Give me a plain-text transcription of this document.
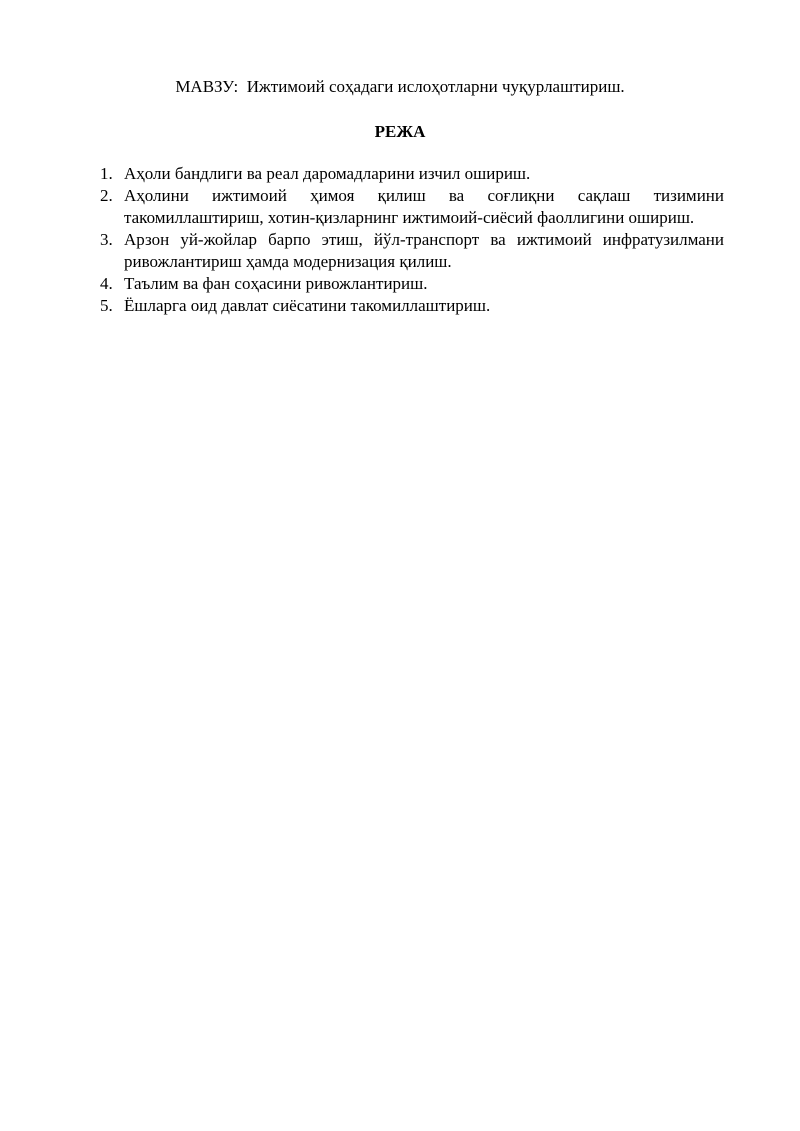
МАВЗУ:  Ижтимоий соҳадаги ислоҳотларни чуқурлаштириш.
РЕЖА
1. Аҳоли бандлиги ва реал даромадларини изчил ошириш.
2. Аҳолини ижтимоий ҳимоя қилиш ва соғлиқни сақлаш тизимини такомиллаштириш, хотин-қизларнинг ижтимоий-сиёсий фаоллигини ошириш.
3. Арзон уй-жойлар барпо этиш, йўл-транспорт ва ижтимоий инфратузилмани ривожлантириш ҳамда модернизация қилиш.
4. Таълим ва фан соҳасини ривожлантириш.
5. Ёшларга оид давлат сиёсатини такомиллаштириш.
